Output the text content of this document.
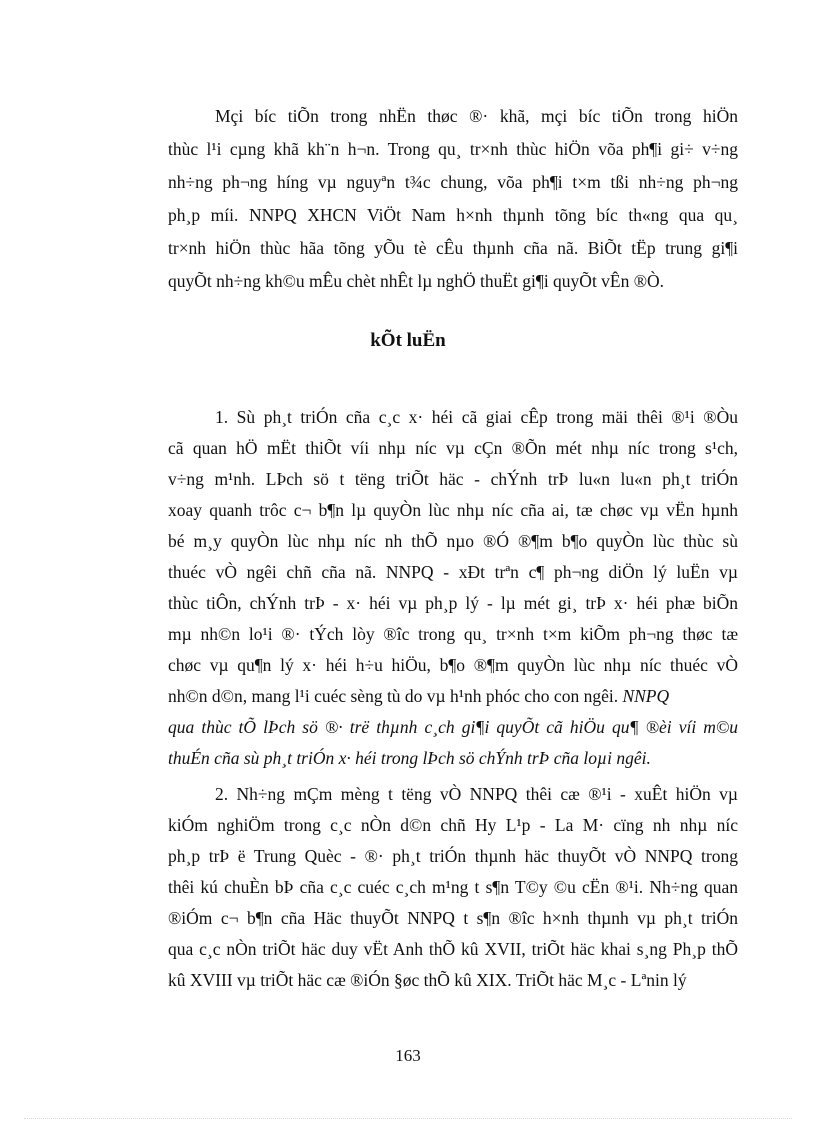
Mçi bíc tiÕn trong nhËn thøc ®· khã, mçi bíc tiÕn trong hiÖn
thùc l¹i cµng khã kh¨n h¬n. Trong qu¸ tr×nh thùc hiÖn võa ph¶i gi÷ v÷ng
nh÷ng ph¬ng híng vµ nguyªn t¾c chung, võa ph¶i t×m tßi nh÷ng ph¬ng
ph¸p míi. NNPQ XHCN ViÖt Nam h×nh thµnh tõng bíc th«ng qua qu¸
tr×nh hiÖn thùc hãa tõng yÕu tè cÊu thµnh cña nã. BiÕt tËp trung gi¶i
quyÕt nh÷ng kh©u mÊu chèt nhÊt lµ nghÖ thuËt gi¶i quyÕt vÊn ®Ò.
kÕt luËn
1. Sù ph¸t triÓn cña c¸c x· héi cã giai cÊp trong mäi thêi ®¹i ®Òu
cã quan hÖ mËt thiÕt víi nhµ níc vµ cÇn ®Õn mét nhµ níc trong s¹ch,
v÷ng m¹nh. LÞch sö t tëng triÕt häc - chÝnh trÞ lu«n lu«n ph¸t triÓn
xoay quanh trôc c¬ b¶n lµ quyÒn lùc nhµ níc cña ai, tæ chøc vµ vËn hµnh
bé m¸y quyÒn lùc nhµ níc nh thÕ nµo ®Ó ®¶m b¶o quyÒn lùc thùc sù
thuéc vÒ ngêi chñ cña nã. NNPQ - xÐt trªn c¶ ph¬ng diÖn lý luËn vµ
thùc tiÔn, chÝnh trÞ - x· héi vµ ph¸p lý - lµ mét gi¸ trÞ x· héi phæ biÕn
mµ nh©n lo¹i ®· tÝch lòy ®îc trong qu¸ tr×nh t×m kiÕm ph¬ng thøc tæ
chøc vµ qu¶n lý x· héi h÷u hiÖu, b¶o ®¶m quyÒn lùc nhµ níc thuéc vÒ
nh©n d©n, mang l¹i cuéc sèng tù do vµ h¹nh phóc cho con ngêi. NNPQ
qua thùc tÕ lÞch sö ®· trë thµnh c¸ch gi¶i quyÕt cã hiÖu qu¶ ®èi víi m©u
thuÉn cña sù ph¸t triÓn x· héi trong lÞch sö chÝnh trÞ cña loµi ngêi.
2. Nh÷ng mÇm mèng t tëng vÒ NNPQ thêi cæ ®¹i - xuÊt hiÖn vµ
kiÓm nghiÖm trong c¸c nÒn d©n chñ Hy L¹p - La M· cïng nh nhµ níc
ph¸p trÞ ë Trung Quèc - ®· ph¸t triÓn thµnh häc thuyÕt vÒ NNPQ trong
thêi kú chuÈn bÞ cña c¸c cuéc c¸ch m¹ng t s¶n T©y ©u cËn ®¹i. Nh÷ng quan
®iÓm c¬ b¶n cña Häc thuyÕt NNPQ t s¶n ®îc h×nh thµnh vµ ph¸t triÓn
qua c¸c nÒn triÕt häc duy vËt Anh thÕ kû XVII, triÕt häc khai s¸ng Ph¸p thÕ
kû XVIII vµ triÕt häc cæ ®iÓn §øc thÕ kû XIX. TriÕt häc M¸c - Lªnin lý
163
